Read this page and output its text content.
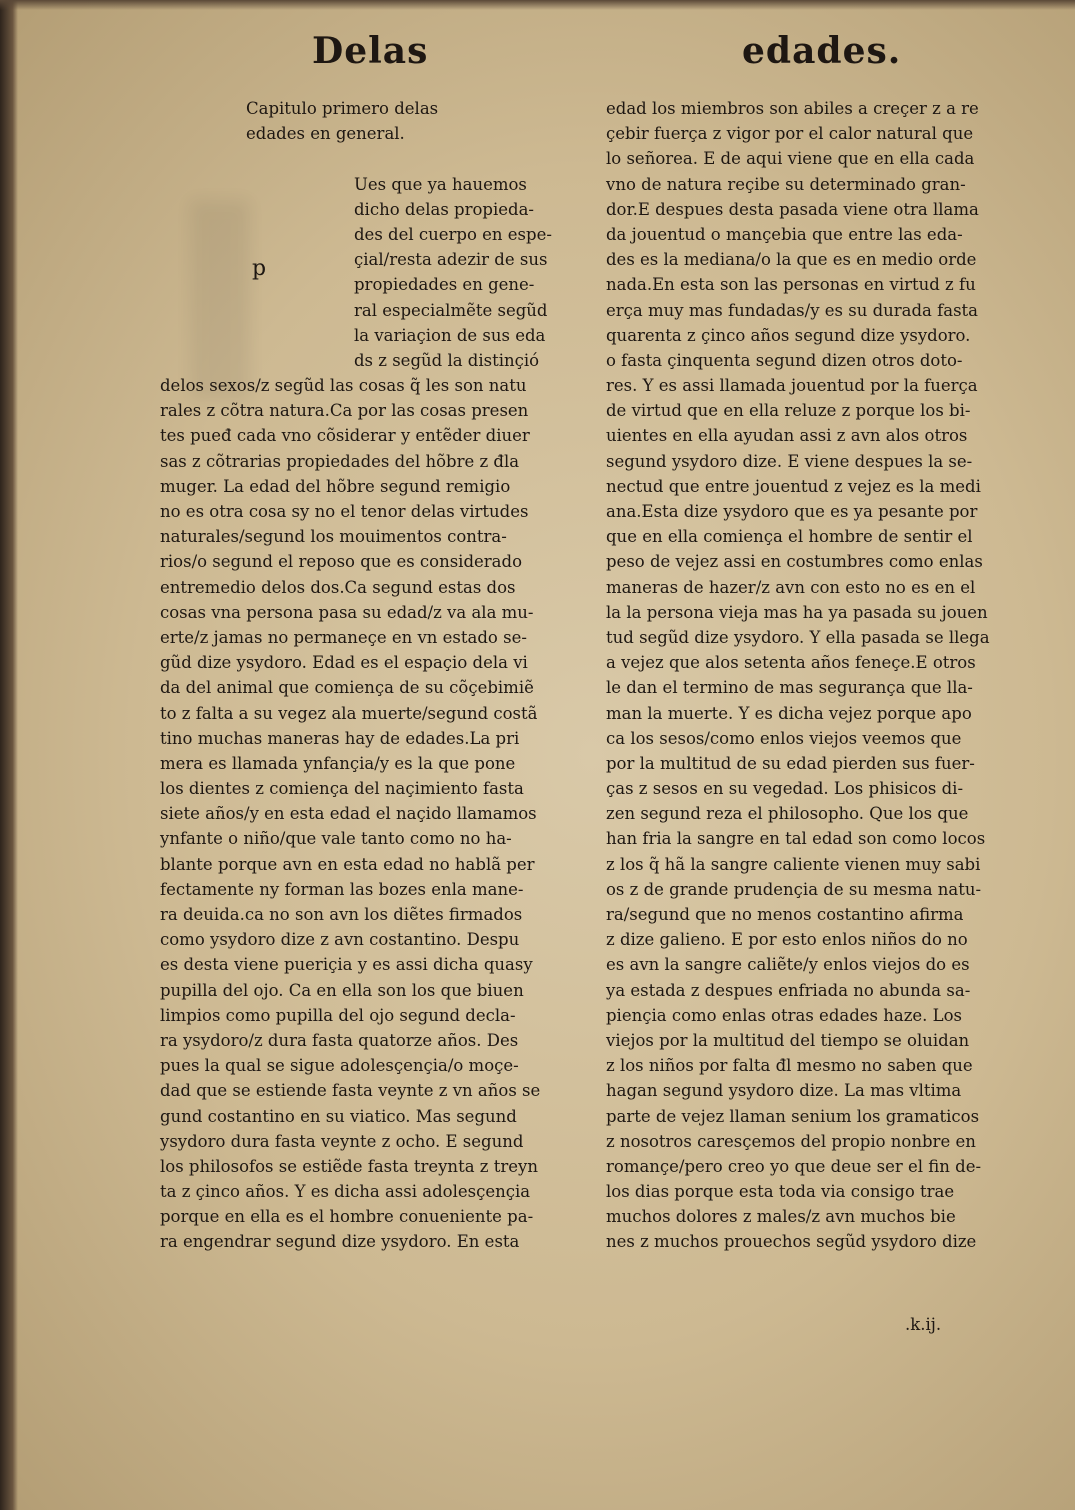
Delas	edades.
Capitulo primero delas
edades en general.
Ues que ya hauemos
dicho delas propieda-
des del cuerpo en espe-
çial/resta adezir de sus
propiedades en gene-
ral especialmẽte segũd
la variaçion de sus eda
ds z segũd la distinçió
delos sexos/z segũd las cosas q̃ les son natu
rales z cõtra natura.Ca por las cosas presen
tes pueđ cada vno cõsiderar y entẽder diuer
sas z cõtrarias propiedades del hõbre z đla
muger. La edad del hõbre segund remigio
no es otra cosa sy no el tenor delas virtudes
naturales/segund los mouimentos contra-
rios/o segund el reposo que es considerado
entremedio delos dos.Ca segund estas dos
cosas vna persona pasa su edad/z va ala mu-
erte/z jamas no permaneçe en vn estado se-
gũd dize ysydoro. Edad es el espaçio dela vi
da del animal que comiença de su cõçebimiẽ
to z falta a su vegez ala muerte/segund costã
tino muchas maneras hay de edades.La pri
mera es llamada ynfançia/y es la que pone
los dientes z comiença del naçimiento fasta
siete años/y en esta edad el naçido llamamos
ynfante o niño/que vale tanto como no ha-
blante porque avn en esta edad no hablã per
fectamente ny forman las bozes enla mane-
ra deuida.ca no son avn los diẽtes firmados
como ysydoro dize z avn costantino. Despu
es desta viene pueriçia y es assi dicha quasy
pupilla del ojo. Ca en ella son los que biuen
limpios como pupilla del ojo segund decla-
ra ysydoro/z dura fasta quatorze años. Des
pues la qual se sigue adolesçençia/o moçe-
dad que se estiende fasta veynte z vn años se
gund costantino en su viatico. Mas segund
ysydoro dura fasta veynte z ocho. E segund
los philosofos se estiẽde fasta treynta z treyn
ta z çinco años. Y es dicha assi adolesçençia
porque en ella es el hombre conueniente pa-
ra engendrar segund dize ysydoro. En esta
p
edad los miembros son abiles a creçer z a re
çebir fuerça z vigor por el calor natural que
lo señorea. E de aqui viene que en ella cada
vno de natura reçibe su determinado gran-
dor.E despues desta pasada viene otra llama
da jouentud o mançebia que entre las eda-
des es la mediana/o la que es en medio orde
nada.En esta son las personas en virtud z fu
erça muy mas fundadas/y es su durada fasta
quarenta z çinco años segund dize ysydoro.
o fasta çinquenta segund dizen otros doto-
res. Y es assi llamada jouentud por la fuerça
de virtud que en ella reluze z porque los bi-
uientes en ella ayudan assi z avn alos otros
segund ysydoro dize. E viene despues la se-
nectud que entre jouentud z vejez es la medi
ana.Esta dize ysydoro que es ya pesante por
que en ella comiença el hombre de sentir el
peso de vejez assi en costumbres como enlas
maneras de hazer/z avn con esto no es en el
la la persona vieja mas ha ya pasada su jouen
tud segũd dize ysydoro. Y ella pasada se llega
a vejez que alos setenta años feneçe.E otros
le dan el termino de mas segurança que lla-
man la muerte. Y es dicha vejez porque apo
ca los sesos/como enlos viejos veemos que
por la multitud de su edad pierden sus fuer-
ças z sesos en su vegedad. Los phisicos di-
zen segund reza el philosopho. Que los que
han fria la sangre en tal edad son como locos
z los q̃ hã la sangre caliente vienen muy sabi
os z de grande prudençia de su mesma natu-
ra/segund que no menos costantino afirma
z dize galieno. E por esto enlos niños do no
es avn la sangre caliẽte/y enlos viejos do es
ya estada z despues enfriada no abunda sa-
piençia como enlas otras edades haze. Los
viejos por la multitud del tiempo se oluidan
z los niños por falta đl mesmo no saben que
hagan segund ysydoro dize. La mas vltima
parte de vejez llaman senium los gramaticos
z nosotros caresçemos del propio nonbre en
romançe/pero creo yo que deue ser el fin de-
los dias porque esta toda via consigo trae
muchos dolores z males/z avn muchos bie
nes z muchos prouechos segũd ysydoro dize
.k.ij.
